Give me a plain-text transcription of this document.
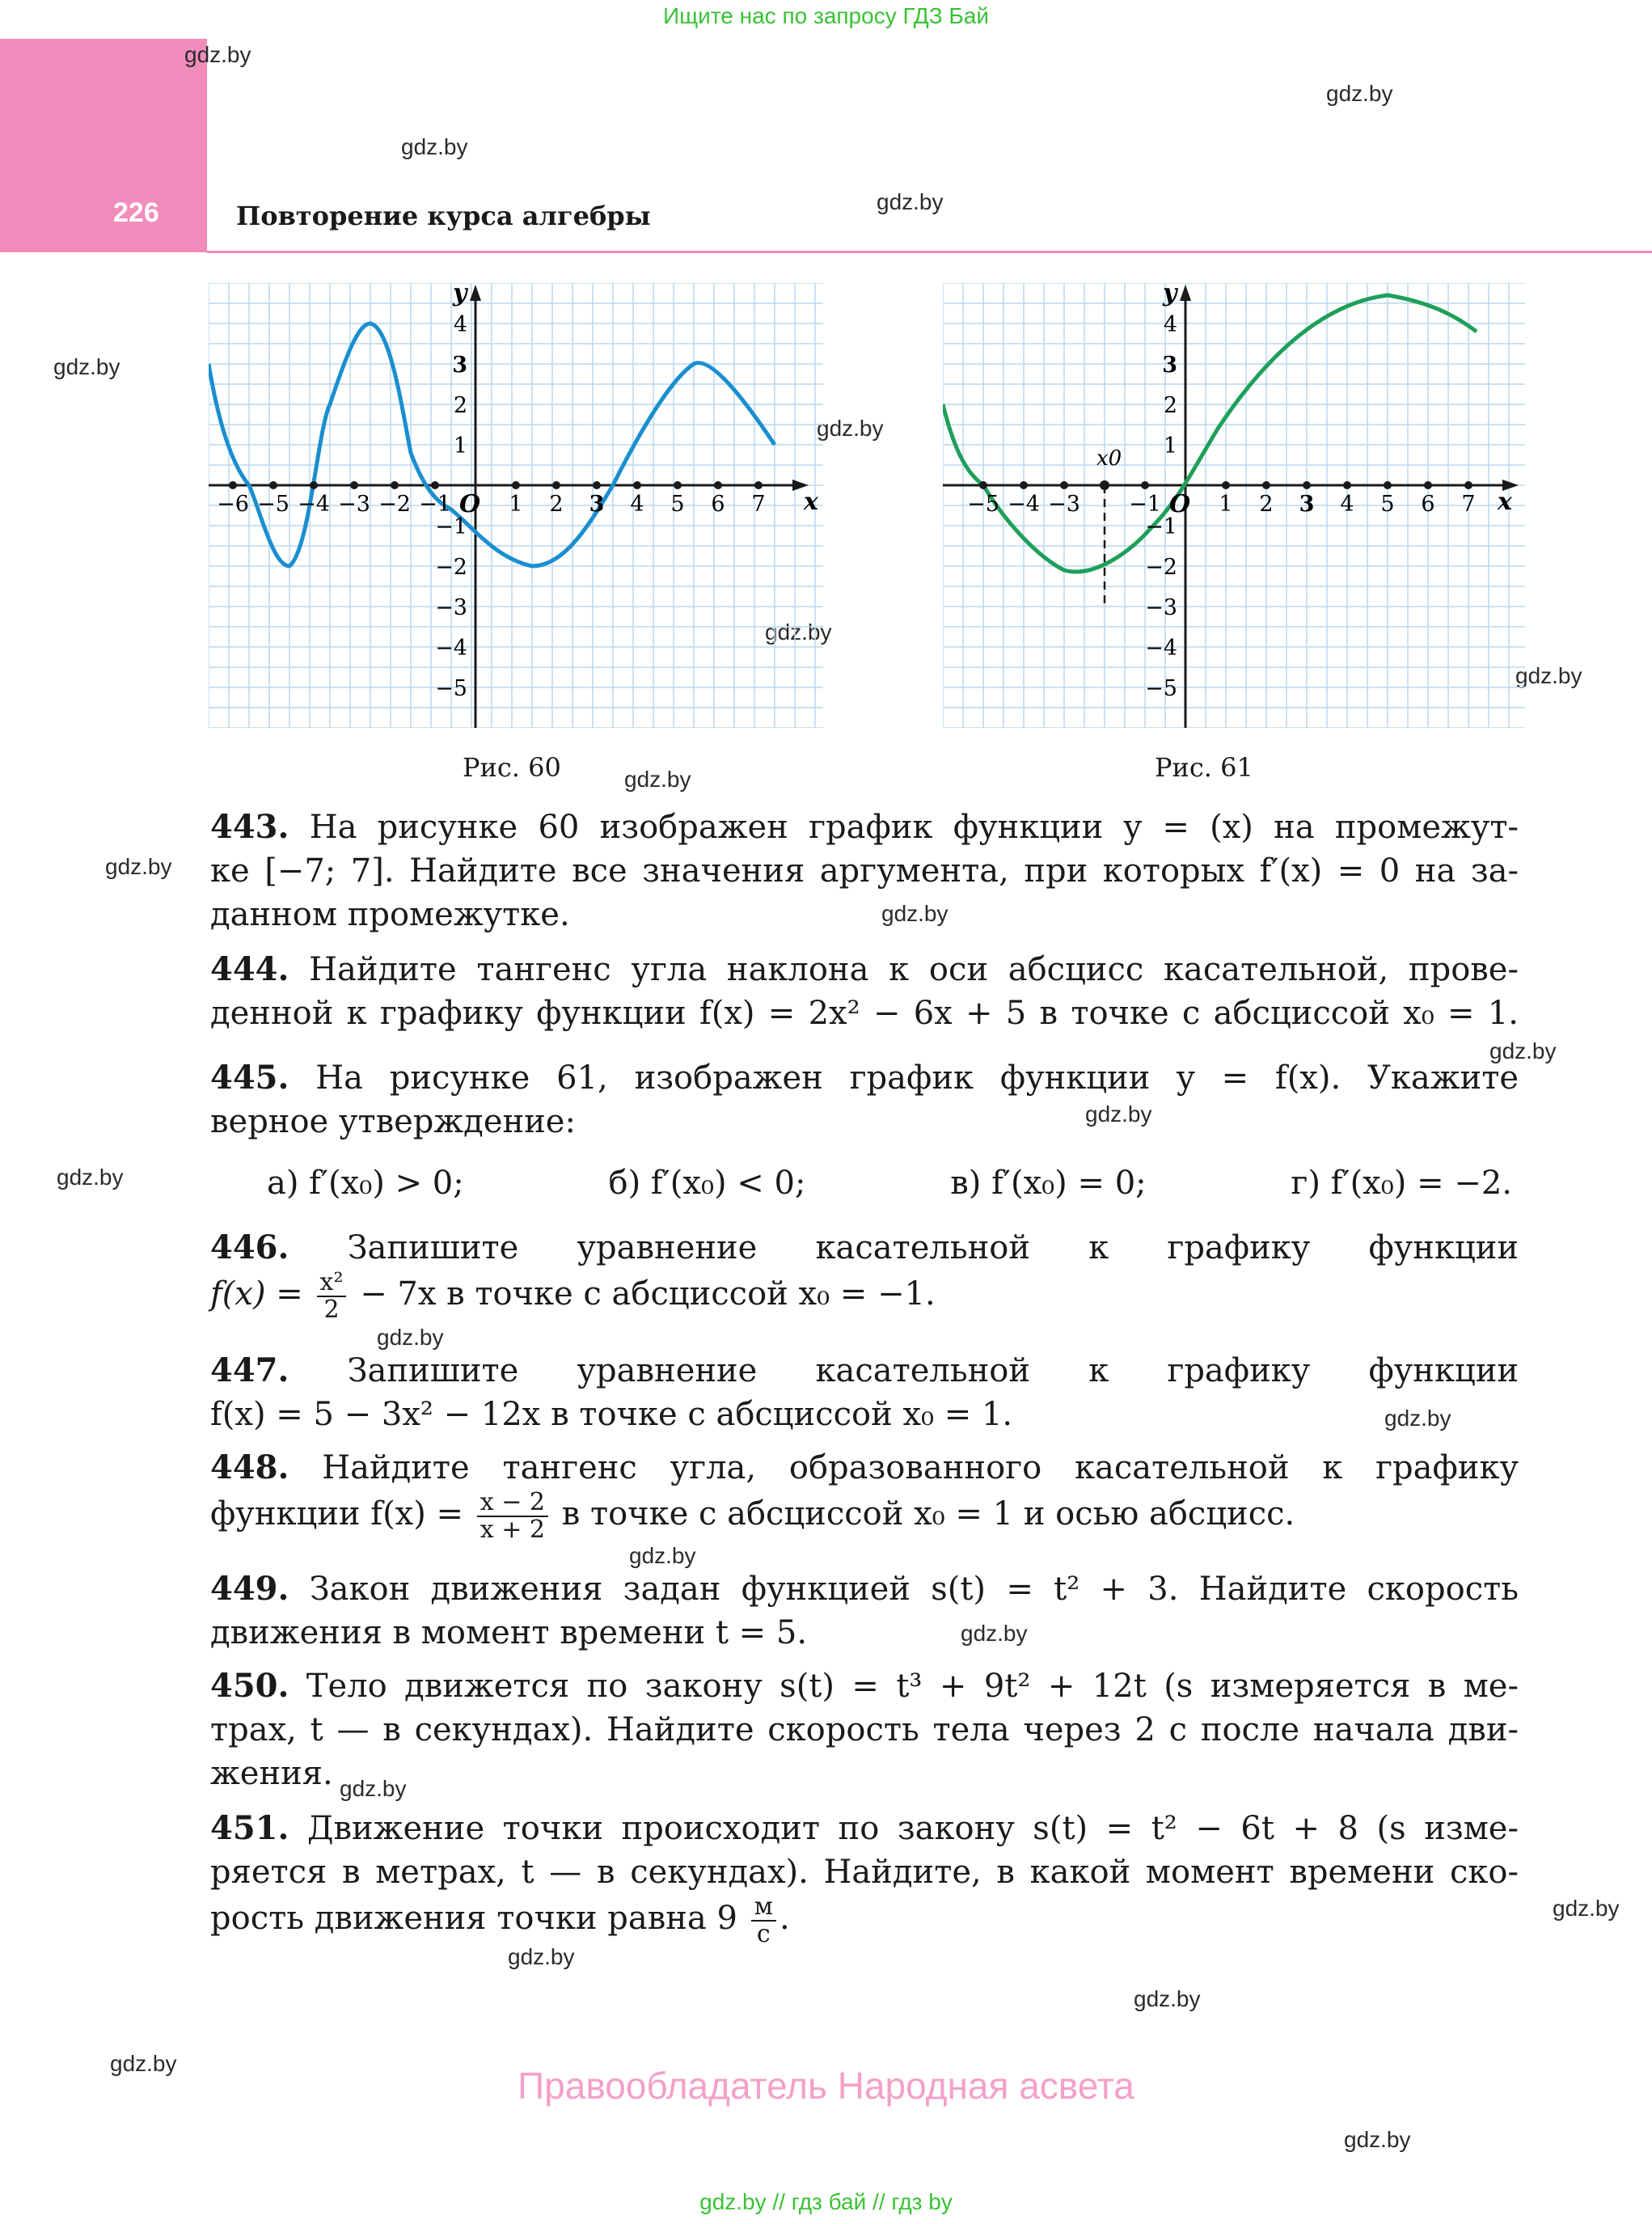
Ищите нас по запросу ГДЗ Бай
226	Повторение курса алгебры
gdz.by
gdz.by
gdz.by
gdz.by
gdz.by
gdz.by
gdz.by
gdz.by
gdz.by
gdz.by
gdz.by
gdz.by
gdz.by
gdz.by
gdz.by
gdz.by
gdz.by
gdz.by
gdz.by
gdz.by
gdz.by
gdz.by
gdz.by
gdz.by
x
y
O
−6 −5 −4 −3 −2 −1	1 2 3 4 5 6 7
4
3
2
1
−1
−2
−3
−4
−5
Рис. 60
x
y
O
x0
−5 −4 −3 −1	1 2 3 4 5 6 7
4
3
2
1
−1
−2
−3
−4
−5
Рис. 61
443. На рисунке 60 изображен график функции y = (x) на промежут-
ке [−7; 7]. Найдите все значения аргумента, при которых f′(x) = 0 на за-
данном промежутке.
444. Найдите тангенс угла наклона к оси абсцисс касательной, прове-
денной к графику функции f(x) = 2x² − 6x + 5 в точке с абсциссой x₀ = 1.
445. На рисунке 61, изображен график функции y = f(x). Укажите
верное утверждение:
а) f′(x₀) > 0;	б) f′(x₀) < 0;	в) f′(x₀) = 0;	г) f′(x₀) = −2.
446. Запишите уравнение касательной к графику функции
$f(x) = \frac{\text{x²}}{2} - 7x$ в точке с абсциссой x₀ = −1.
447. Запишите уравнение касательной к графику функции
f(x) = 5 − 3x² − 12x в точке с абсциссой x₀ = 1.
448. Найдите тангенс угла, образованного касательной к графику
функции $f(x) = \frac{x - 2}{x + 2}$ в точке с абсциссой x₀ = 1 и осью абсцисс.
449. Закон движения задан функцией s(t) = t² + 3. Найдите скорость
движения в момент времени t = 5.
450. Тело движется по закону s(t) = t³ + 9t² + 12t (s измеряется в ме-
трах, t — в секундах). Найдите скорость тела через 2 с после начала дви-
жения.
451. Движение точки происходит по закону s(t) = t² − 6t + 8 (s изме-
ряется в метрах, t — в секундах). Найдите, в какой момент времени ско-
рость движения точки равна $9 \frac{м}{с}$ .
Правообладатель Народная асвета
gdz.by // гдз бай // гдз by
